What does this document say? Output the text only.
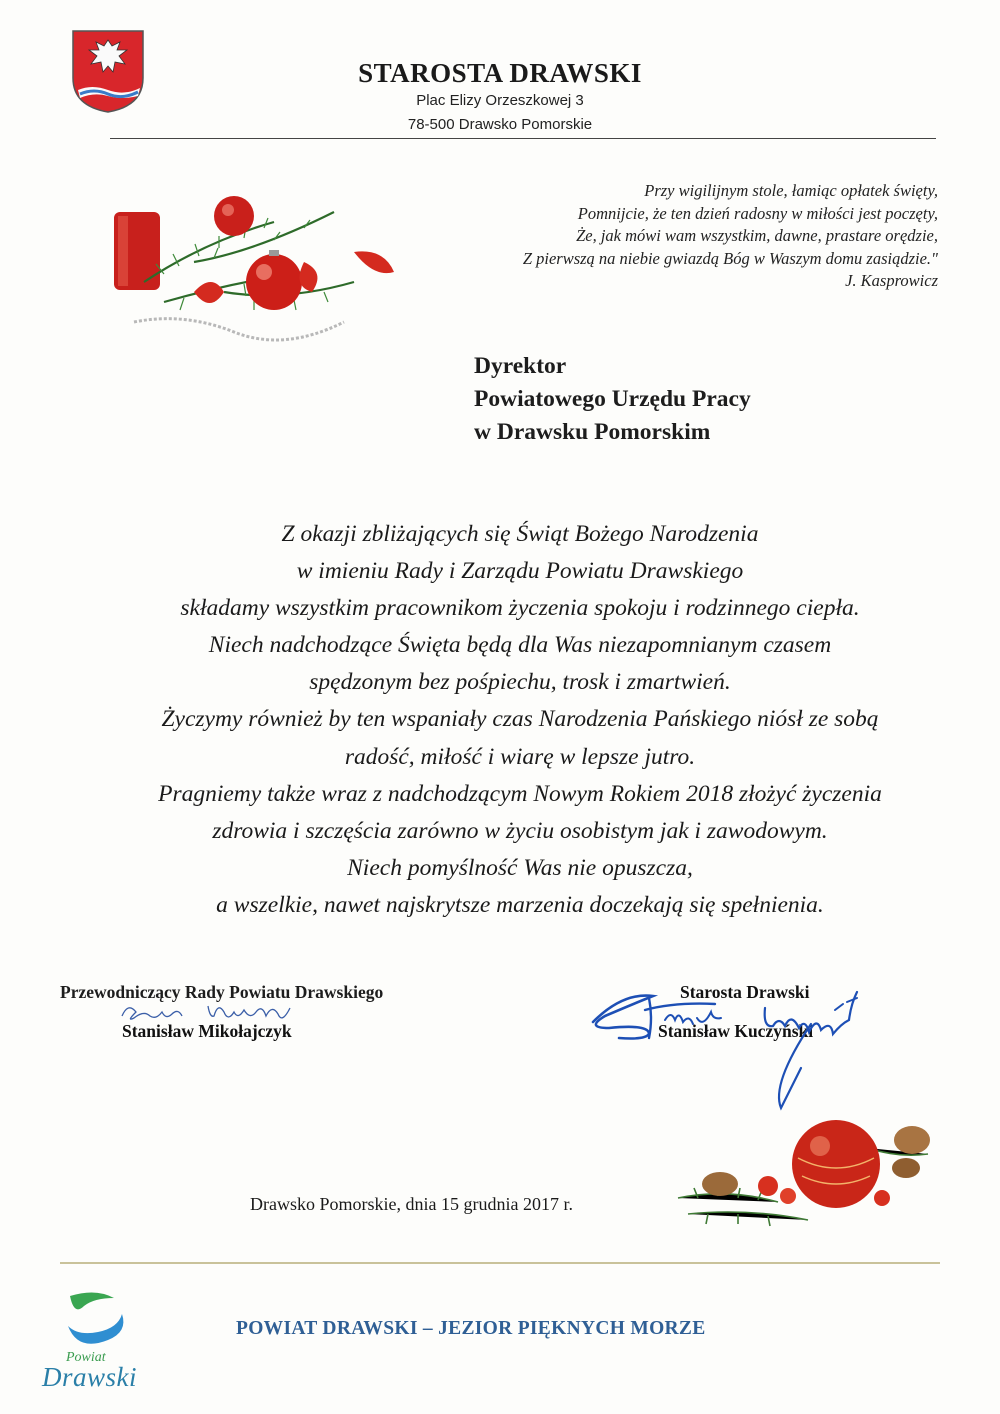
STAROSTA DRAWSKI
Plac Elizy Orzeszkowej 3
78-500 Drawsko Pomorskie
Przy wigilijnym stole, łamiąc opłatek święty,
Pomnijcie, że ten dzień radosny w miłości jest poczęty,
Że, jak mówi wam wszystkim, dawne, prastare orędzie,
Z pierwszą na niebie gwiazdą Bóg w Waszym domu zasiądzie."
J. Kasprowicz
Dyrektor
Powiatowego Urzędu Pracy
w Drawsku Pomorskim
Z okazji zbliżających się Świąt Bożego Narodzenia
w imieniu Rady i Zarządu Powiatu Drawskiego
składamy wszystkim pracownikom życzenia spokoju i rodzinnego ciepła.
Niech nadchodzące Święta będą dla Was niezapomnianym czasem
spędzonym bez pośpiechu, trosk i zmartwień.
Życzymy również by ten wspaniały czas Narodzenia Pańskiego niósł ze sobą
radość, miłość i wiarę w lepsze jutro.
Pragniemy także wraz z nadchodzącym Nowym Rokiem 2018 złożyć życzenia
zdrowia i szczęścia zarówno w życiu osobistym jak i zawodowym.
Niech pomyślność Was nie opuszcza,
a wszelkie, nawet najskrytsze marzenia doczekają się spełnienia.
Przewodniczący Rady Powiatu Drawskiego
Stanisław Mikołajczyk
Starosta Drawski
Stanisław Kuczyński
Drawsko Pomorskie, dnia 15 grudnia 2017 r.
Powiat
Drawski
POWIAT DRAWSKI – JEZIOR PIĘKNYCH MORZE
